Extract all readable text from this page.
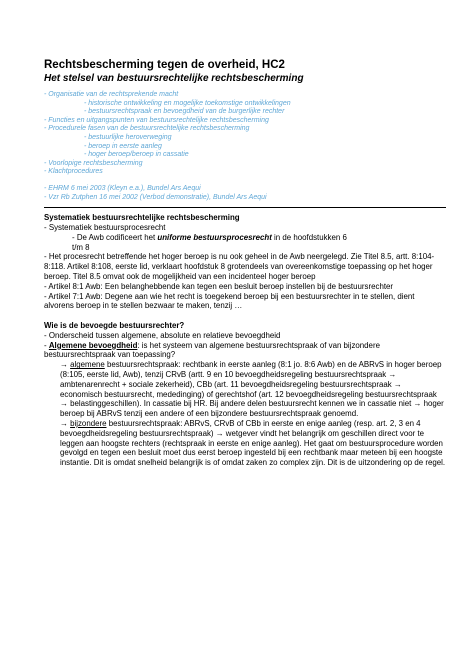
Rechtsbescherming tegen de overheid, HC2

Het stelsel van bestuursrechtelijke rechtsbescherming

- Organisatie van de rechtsprekende macht
- historische ontwikkeling en mogelijke toekomstige ontwikkelingen
- bestuursrechtspraak en bevoegdheid van de burgerlijke rechter
- Functies en uitgangspunten van bestuursrechtelijke rechtsbescherming
- Procedurele fasen van de bestuursrechtelijke rechtsbescherming
- bestuurlijke heroverweging
- beroep in eerste aanleg
- hoger beroep/beroep in cassatie
- Voorlopige rechtsbescherming
- Klachtprocedures
- EHRM 6 mei 2003 (Kleyn e.a.), Bundel Ars Aequi
- Vzr Rb Zutphen 16 mei 2002 (Verbod demonstratie), Bundel Ars Aequi

Systematiek bestuursrechtelijke rechtsbescherming

- Systematiek bestuursprocesrecht

- De Awb codificeert het uniforme bestuursprocesrecht in de hoofdstukken 6

t/m 8

- Het procesrecht betreffende het hoger beroep is nu ook geheel in de Awb neergelegd. Zie Titel 8.5, artt. 8:104-8:118. Artikel 8:108, eerste lid, verklaart hoofdstuk 8 grotendeels van overeenkomstige toepassing op het hoger beroep. Titel 8.5 omvat ook de mogelijkheid van een incidenteel hoger beroep

- Artikel 8:1 Awb: Een belanghebbende kan tegen een besluit beroep instellen bij de bestuursrechter

- Artikel 7:1 Awb: Degene aan wie het recht is toegekend beroep bij een bestuursrechter in te stellen, dient alvorens beroep in te stellen bezwaar te maken, tenzij …

Wie is de bevoegde bestuursrechter?

- Onderscheid tussen algemene, absolute en relatieve bevoegdheid

- Algemene bevoegdheid: is het systeem van algemene bestuursrechtspraak of van bijzondere bestuursrechtspraak van toepassing?

→ algemene bestuursrechtspraak: rechtbank in eerste aanleg (8:1 jo. 8:6 Awb) en de ABRvS in hoger beroep (8:105, eerste lid, Awb), tenzij CRvB (artt. 9 en 10 bevoegdheidsregeling bestuursrechtspraak → ambtenarenrecht + sociale zekerheid), CBb (art. 11 bevoegdheidsregeling bestuursrechtspraak → economisch bestuursrecht, mededinging) of gerechtshof (art. 12 bevoegdheidsregeling bestuursrechtspraak → belastinggeschillen). In cassatie bij HR. Bij andere delen bestuursrecht kennen we in cassatie niet → hoger beroep bij ABRvS tenzij een andere of een bijzondere bestuursrechtspraak genoemd.

→ bijzondere bestuursrechtspraak: ABRvS, CRvB of CBb in eerste en enige aanleg (resp. art. 2, 3 en 4 bevoegdheidsregeling bestuursrechtspraak) → wetgever vindt het belangrijk om geschillen direct voor te leggen aan hoogste rechters (rechtspraak in eerste en enige aanleg). Het gaat om bestuursprocedure worden gevolgd en tegen een besluit moet dus eerst beroep ingesteld bij een rechtbank maar meteen bij een hoogste instantie. Dit is omdat snelheid belangrijk is of omdat zaken zo complex zijn. Dit is de uitzondering op de regel.
